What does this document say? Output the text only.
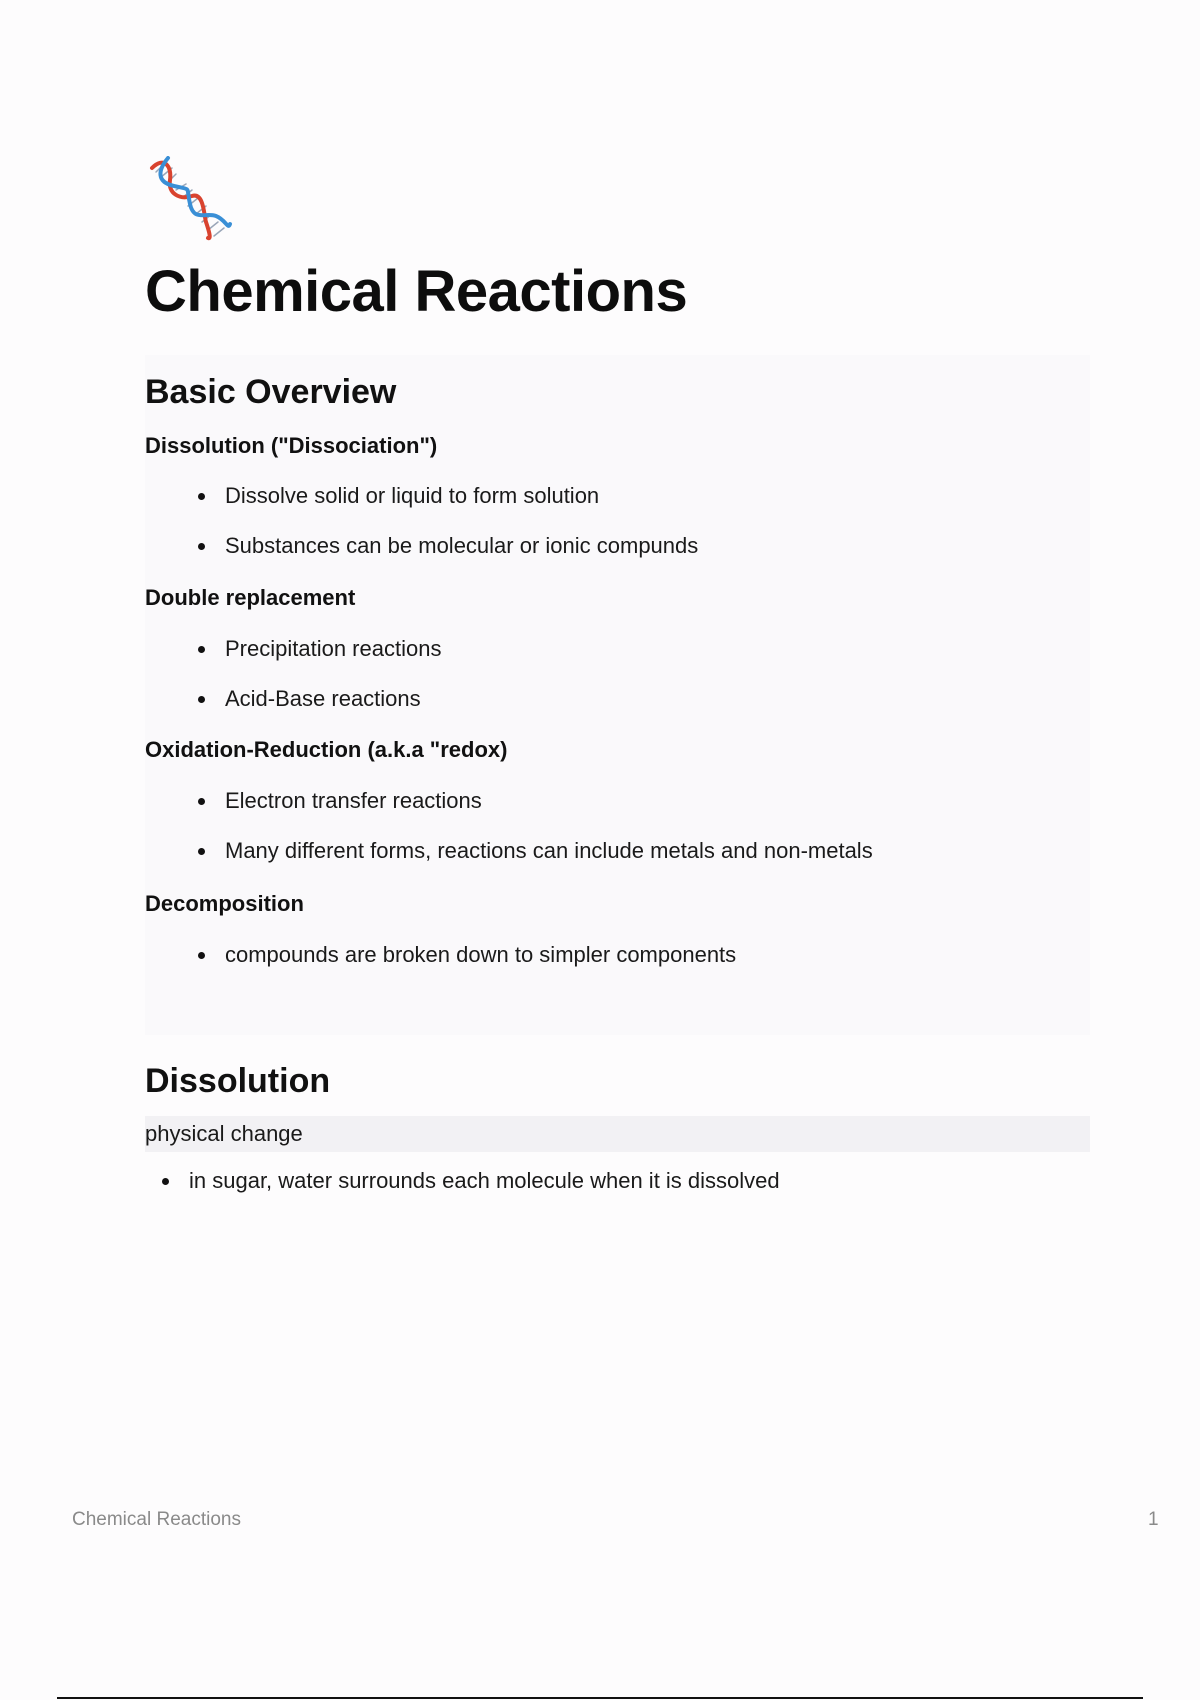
Chemical Reactions
Basic Overview
Dissolution ("Dissociation")
Dissolve solid or liquid to form solution
Substances can be molecular or ionic compunds
Double replacement
Precipitation reactions
Acid-Base reactions
Oxidation-Reduction (a.k.a "redox)
Electron transfer reactions
Many different forms, reactions can include metals and non-metals
Decomposition
compounds are broken down to simpler components
Dissolution
physical change
in sugar, water surrounds each molecule when it is dissolved
Chemical Reactions	1
